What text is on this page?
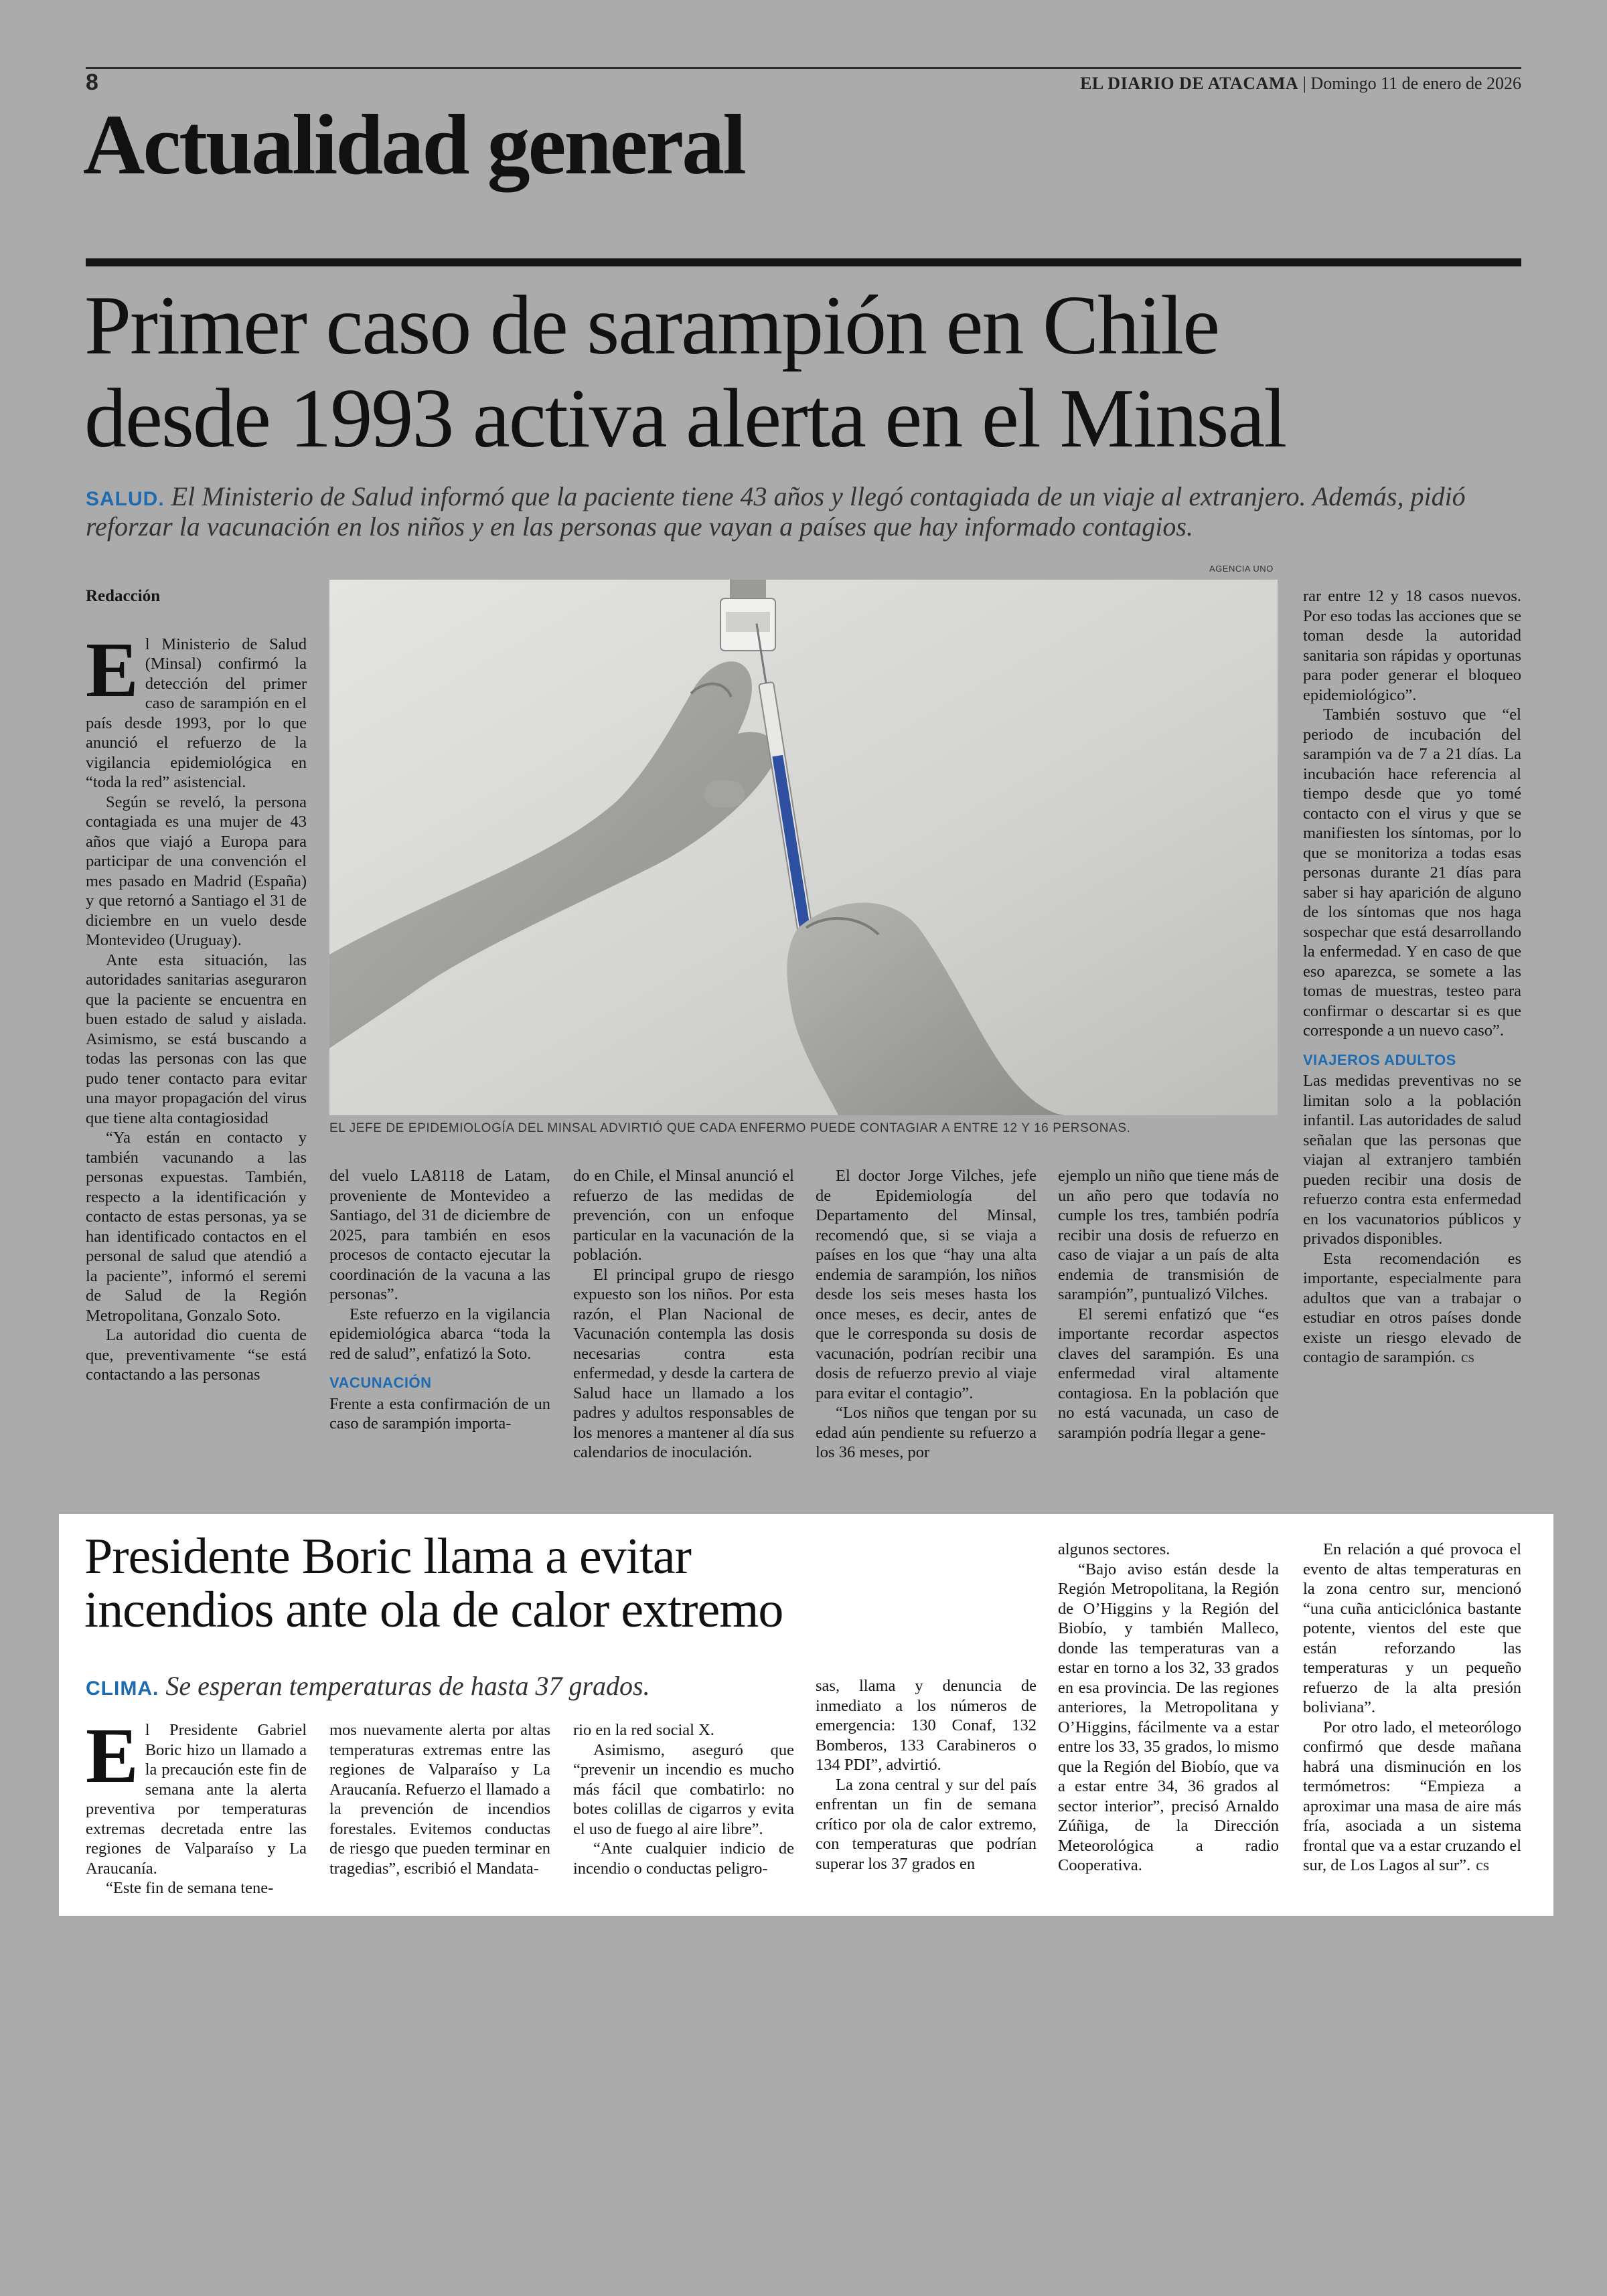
8	EL DIARIO DE ATACAMA | Domingo 11 de enero de 2026
Actualidad general
Primer caso de sarampión en Chile
desde 1993 activa alerta en el Minsal
SALUD. El Ministerio de Salud informó que la paciente tiene 43 años y llegó contagiada de un viaje al extranjero. Además, pidió reforzar la vacunación en los niños y en las personas que vayan a países que hay informado contagios.
AGENCIA UNO
EL JEFE DE EPIDEMIOLOGÍA DEL MINSAL ADVIRTIÓ QUE CADA ENFERMO PUEDE CONTAGIAR A ENTRE 12 Y 16 PERSONAS.
Redacción

El Ministerio de Salud (Minsal) confirmó la detección del primer caso de sarampión en el país desde 1993, por lo que anunció el refuerzo de la vigilancia epidemiológica en “toda la red” asistencial.

Según se reveló, la persona contagiada es una mujer de 43 años que viajó a Europa para participar de una convención el mes pasado en Madrid (España) y que retornó a Santiago el 31 de diciembre en un vuelo desde Montevideo (Uruguay).

Ante esta situación, las autoridades sanitarias aseguraron que la paciente se encuentra en buen estado de salud y aislada. Asimismo, se está buscando a todas las personas con las que pudo tener contacto para evitar una mayor propagación del virus que tiene alta contagiosidad

“Ya están en contacto y también vacunando a las personas expuestas. También, respecto a la identificación y contacto de estas personas, ya se han identificado contactos en el personal de salud que atendió a la paciente”, informó el seremi de Salud de la Región Metropolitana, Gonzalo Soto.

La autoridad dio cuenta de que, preventivamente “se está contactando a las personas

del vuelo LA8118 de Latam, proveniente de Montevideo a Santiago, del 31 de diciembre de 2025, para también en esos procesos de contacto ejecutar la coordinación de la vacuna a las personas”.

Este refuerzo en la vigilancia epidemiológica abarca “toda la red de salud”, enfatizó la Soto.

VACUNACIÓN

Frente a esta confirmación de un caso de sarampión importa-

do en Chile, el Minsal anunció el refuerzo de las medidas de prevención, con un enfoque particular en la vacunación de la población.

El principal grupo de riesgo expuesto son los niños. Por esta razón, el Plan Nacional de Vacunación contempla las dosis necesarias contra esta enfermedad, y desde la cartera de Salud hace un llamado a los padres y adultos responsables de los menores a mantener al día sus calendarios de inoculación.

El doctor Jorge Vilches, jefe de Epidemiología del Departamento del Minsal, recomendó que, si se viaja a países en los que “hay una alta endemia de sarampión, los niños desde los seis meses hasta los once meses, es decir, antes de que le corresponda su dosis de vacunación, podrían recibir una dosis de refuerzo previo al viaje para evitar el contagio”.

“Los niños que tengan por su edad aún pendiente su refuerzo a los 36 meses, por

ejemplo un niño que tiene más de un año pero que todavía no cumple los tres, también podría recibir una dosis de refuerzo en caso de viajar a un país de alta endemia de transmisión de sarampión”, puntualizó Vilches.

El seremi enfatizó que “es importante recordar aspectos claves del sarampión. Es una enfermedad viral altamente contagiosa. En la población que no está vacunada, un caso de sarampión podría llegar a gene-

rar entre 12 y 18 casos nuevos. Por eso todas las acciones que se toman desde la autoridad sanitaria son rápidas y oportunas para poder generar el bloqueo epidemiológico”.

También sostuvo que “el periodo de incubación del sarampión va de 7 a 21 días. La incubación hace referencia al tiempo desde que yo tomé contacto con el virus y que se manifiesten los síntomas, por lo que se monitoriza a todas esas personas durante 21 días para saber si hay aparición de alguno de los síntomas que nos haga sospechar que está desarrollando la enfermedad. Y en caso de que eso aparezca, se somete a las tomas de muestras, testeo para confirmar o descartar si es que corresponde a un nuevo caso”.

VIAJEROS ADULTOS

Las medidas preventivas no se limitan solo a la población infantil. Las autoridades de salud señalan que las personas que viajan al extranjero también pueden recibir una dosis de refuerzo contra esta enfermedad en los vacunatorios públicos y privados disponibles.

Esta recomendación es importante, especialmente para adultos que van a trabajar o estudiar en otros países donde existe un riesgo elevado de contagio de sarampión. cs

Presidente Boric llama a evitar
incendios ante ola de calor extremo
CLIMA. Se esperan temperaturas de hasta 37 grados.

El Presidente Gabriel Boric hizo un llamado a la precaución este fin de semana ante la alerta preventiva por temperaturas extremas decretada entre las regiones de Valparaíso y La Araucanía.

“Este fin de semana tene-

mos nuevamente alerta por altas temperaturas extremas entre las regiones de Valparaíso y La Araucanía. Refuerzo el llamado a la prevención de incendios forestales. Evitemos conductas de riesgo que pueden terminar en tragedias”, escribió el Mandata-

rio en la red social X.

Asimismo, aseguró que “prevenir un incendio es mucho más fácil que combatirlo: no botes colillas de cigarros y evita el uso de fuego al aire libre”.

“Ante cualquier indicio de incendio o conductas peligro-

sas, llama y denuncia de inmediato a los números de emergencia: 130 Conaf, 132 Bomberos, 133 Carabineros o 134 PDI”, advirtió.

La zona central y sur del país enfrentan un fin de semana crítico por ola de calor extremo, con temperaturas que podrían superar los 37 grados en

algunos sectores.

“Bajo aviso están desde la Región Metropolitana, la Región de O’Higgins y la Región del Biobío, y también Malleco, donde las temperaturas van a estar en torno a los 32, 33 grados en esa provincia. De las regiones anteriores, la Metropolitana y O’Higgins, fácilmente va a estar entre los 33, 35 grados, lo mismo que la Región del Biobío, que va a estar entre 34, 36 grados al sector interior”, precisó Arnaldo Zúñiga, de la Dirección Meteorológica a radio Cooperativa.

En relación a qué provoca el evento de altas temperaturas en la zona centro sur, mencionó “una cuña anticiclónica bastante potente, vientos del este que están reforzando las temperaturas y un pequeño refuerzo de la alta presión boliviana”.

Por otro lado, el meteorólogo confirmó que desde mañana habrá una disminución en los termómetros: “Empieza a aproximar una masa de aire más fría, asociada a un sistema frontal que va a estar cruzando el sur, de Los Lagos al sur”. cs
